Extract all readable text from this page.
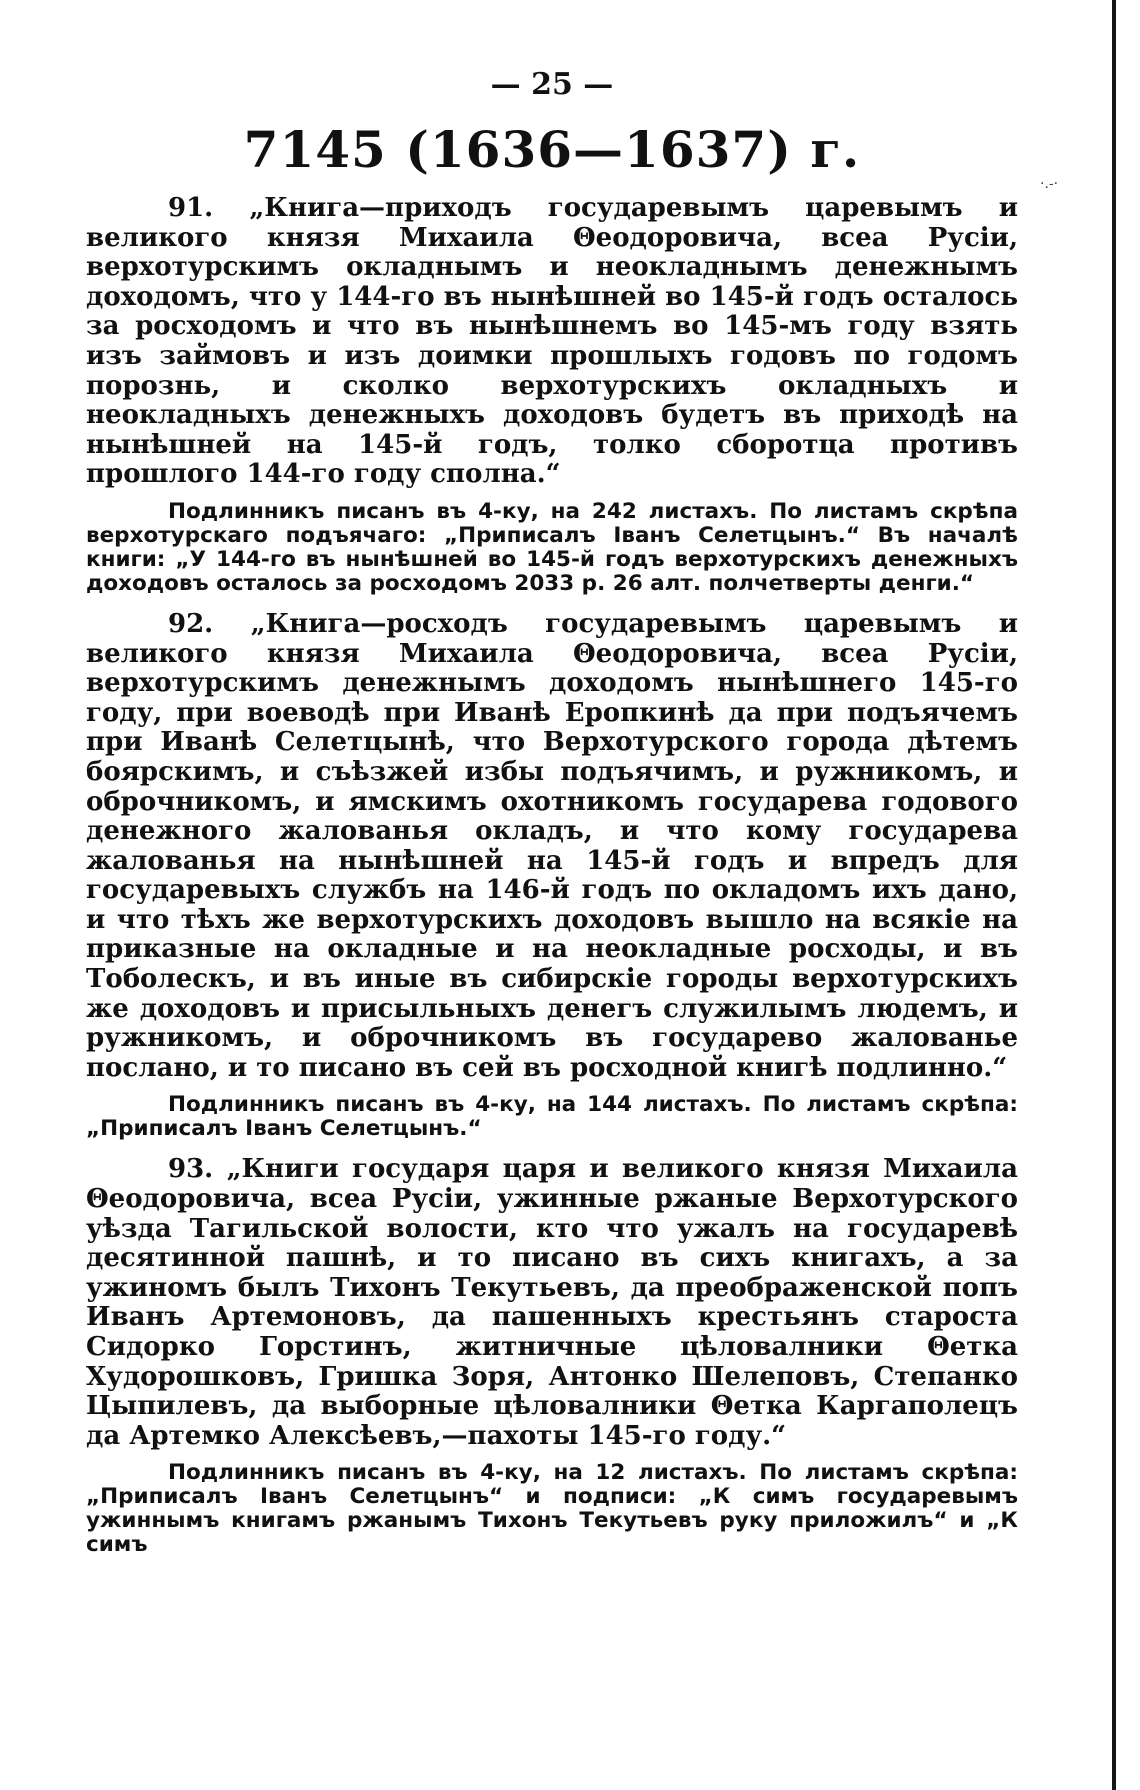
·.-·
— 25 —
7145 (1636—1637) г.

91. „Книга—приходъ государевымъ царевымъ и великого князя Михаила Θеодоровича, всеа Русіи, верхотурскимъ окладнымъ и неокладнымъ денежнымъ доходомъ, что у 144-го въ нынѣшней во 145-й годъ осталось за росходомъ и что въ нынѣшнемъ во 145-мъ году взять изъ займовъ и изъ доимки прошлыхъ годовъ по годомъ порознь, и сколко верхотурскихъ окладныхъ и неокладныхъ денежныхъ доходовъ будетъ въ приходѣ на нынѣшней на 145-й годъ, толко сборотца противъ прошлого 144-го году сполна.“

Подлинникъ писанъ въ 4-ку, на 242 листахъ. По листамъ скрѣпа верхотурскаго подъячаго: „Приписалъ Іванъ Селетцынъ.“ Въ началѣ книги: „У 144-го въ нынѣшней во 145-й годъ верхотурскихъ денежныхъ доходовъ осталось за росходомъ 2033 р. 26 алт. полчетверты денги.“

92. „Книга—росходъ государевымъ царевымъ и великого князя Михаила Θеодоровича, всеа Русіи, верхотурскимъ денежнымъ доходомъ нынѣшнего 145-го году, при воеводѣ при Иванѣ Еропкинѣ да при подъячемъ при Иванѣ Селетцынѣ, что Верхотурского города дѣтемъ боярскимъ, и съѣзжей избы подъячимъ, и ружникомъ, и оброчникомъ, и ямскимъ охотникомъ государева годового денежного жалованья окладъ, и что кому государева жалованья на нынѣшней на 145-й годъ и впредъ для государевыхъ службъ на 146-й годъ по окладомъ ихъ дано, и что тѣхъ же верхотурскихъ доходовъ вышло на всякіе на приказные на окладные и на неокладные росходы, и въ Тоболескъ, и въ иные въ сибирскіе городы верхотурскихъ же доходовъ и присыльныхъ денегъ служилымъ людемъ, и ружникомъ, и оброчникомъ въ государево жалованье послано, и то писано въ сей въ росходной книгѣ подлинно.“

Подлинникъ писанъ въ 4-ку, на 144 листахъ. По листамъ скрѣпа: „Приписалъ Іванъ Селетцынъ.“

93. „Книги государя царя и великого князя Михаила Θеодоровича, всеа Русіи, ужинные ржаные Верхотурского уѣзда Тагильской волости, кто что ужалъ на государевѣ десятинной пашнѣ, и то писано въ сихъ книгахъ, а за ужиномъ былъ Тихонъ Текутьевъ, да преображенской попъ Иванъ Артемоновъ, да пашенныхъ крестьянъ староста Сидорко Горстинъ, житничные цѣловалники Θетка Худорошковъ, Гришка Зоря, Антонко Шелеповъ, Степанко Цыпилевъ, да выборные цѣловалники Θетка Каргаполецъ да Артемко Алексѣевъ,—пахоты 145-го году.“

Подлинникъ писанъ въ 4-ку, на 12 листахъ. По листамъ скрѣпа: „Приписалъ Іванъ Селетцынъ“ и подписи: „К симъ государевымъ ужиннымъ книгамъ ржанымъ Тихонъ Текутьевъ руку приложилъ“ и „К симъ
